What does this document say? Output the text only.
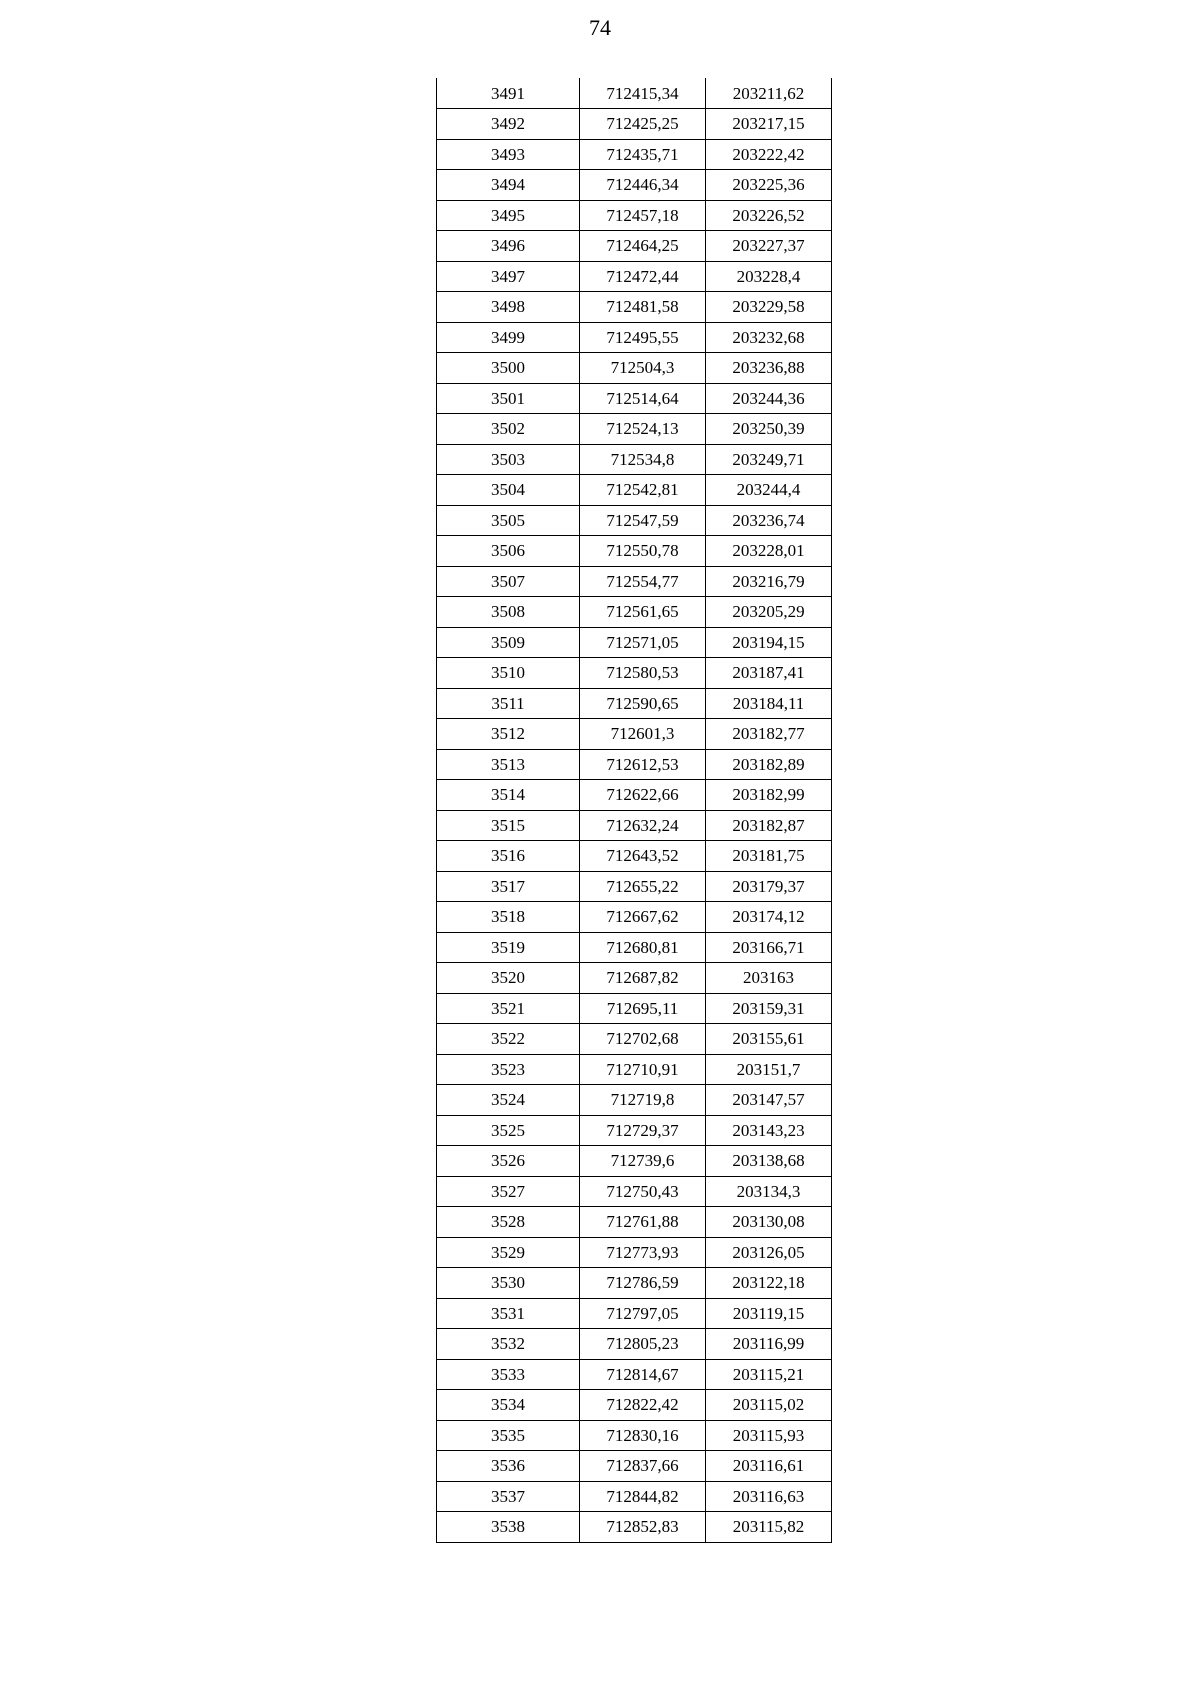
74
3491	712415,34	203211,62
3492	712425,25	203217,15
3493	712435,71	203222,42
3494	712446,34	203225,36
3495	712457,18	203226,52
3496	712464,25	203227,37
3497	712472,44	203228,4
3498	712481,58	203229,58
3499	712495,55	203232,68
3500	712504,3	203236,88
3501	712514,64	203244,36
3502	712524,13	203250,39
3503	712534,8	203249,71
3504	712542,81	203244,4
3505	712547,59	203236,74
3506	712550,78	203228,01
3507	712554,77	203216,79
3508	712561,65	203205,29
3509	712571,05	203194,15
3510	712580,53	203187,41
3511	712590,65	203184,11
3512	712601,3	203182,77
3513	712612,53	203182,89
3514	712622,66	203182,99
3515	712632,24	203182,87
3516	712643,52	203181,75
3517	712655,22	203179,37
3518	712667,62	203174,12
3519	712680,81	203166,71
3520	712687,82	203163
3521	712695,11	203159,31
3522	712702,68	203155,61
3523	712710,91	203151,7
3524	712719,8	203147,57
3525	712729,37	203143,23
3526	712739,6	203138,68
3527	712750,43	203134,3
3528	712761,88	203130,08
3529	712773,93	203126,05
3530	712786,59	203122,18
3531	712797,05	203119,15
3532	712805,23	203116,99
3533	712814,67	203115,21
3534	712822,42	203115,02
3535	712830,16	203115,93
3536	712837,66	203116,61
3537	712844,82	203116,63
3538	712852,83	203115,82
